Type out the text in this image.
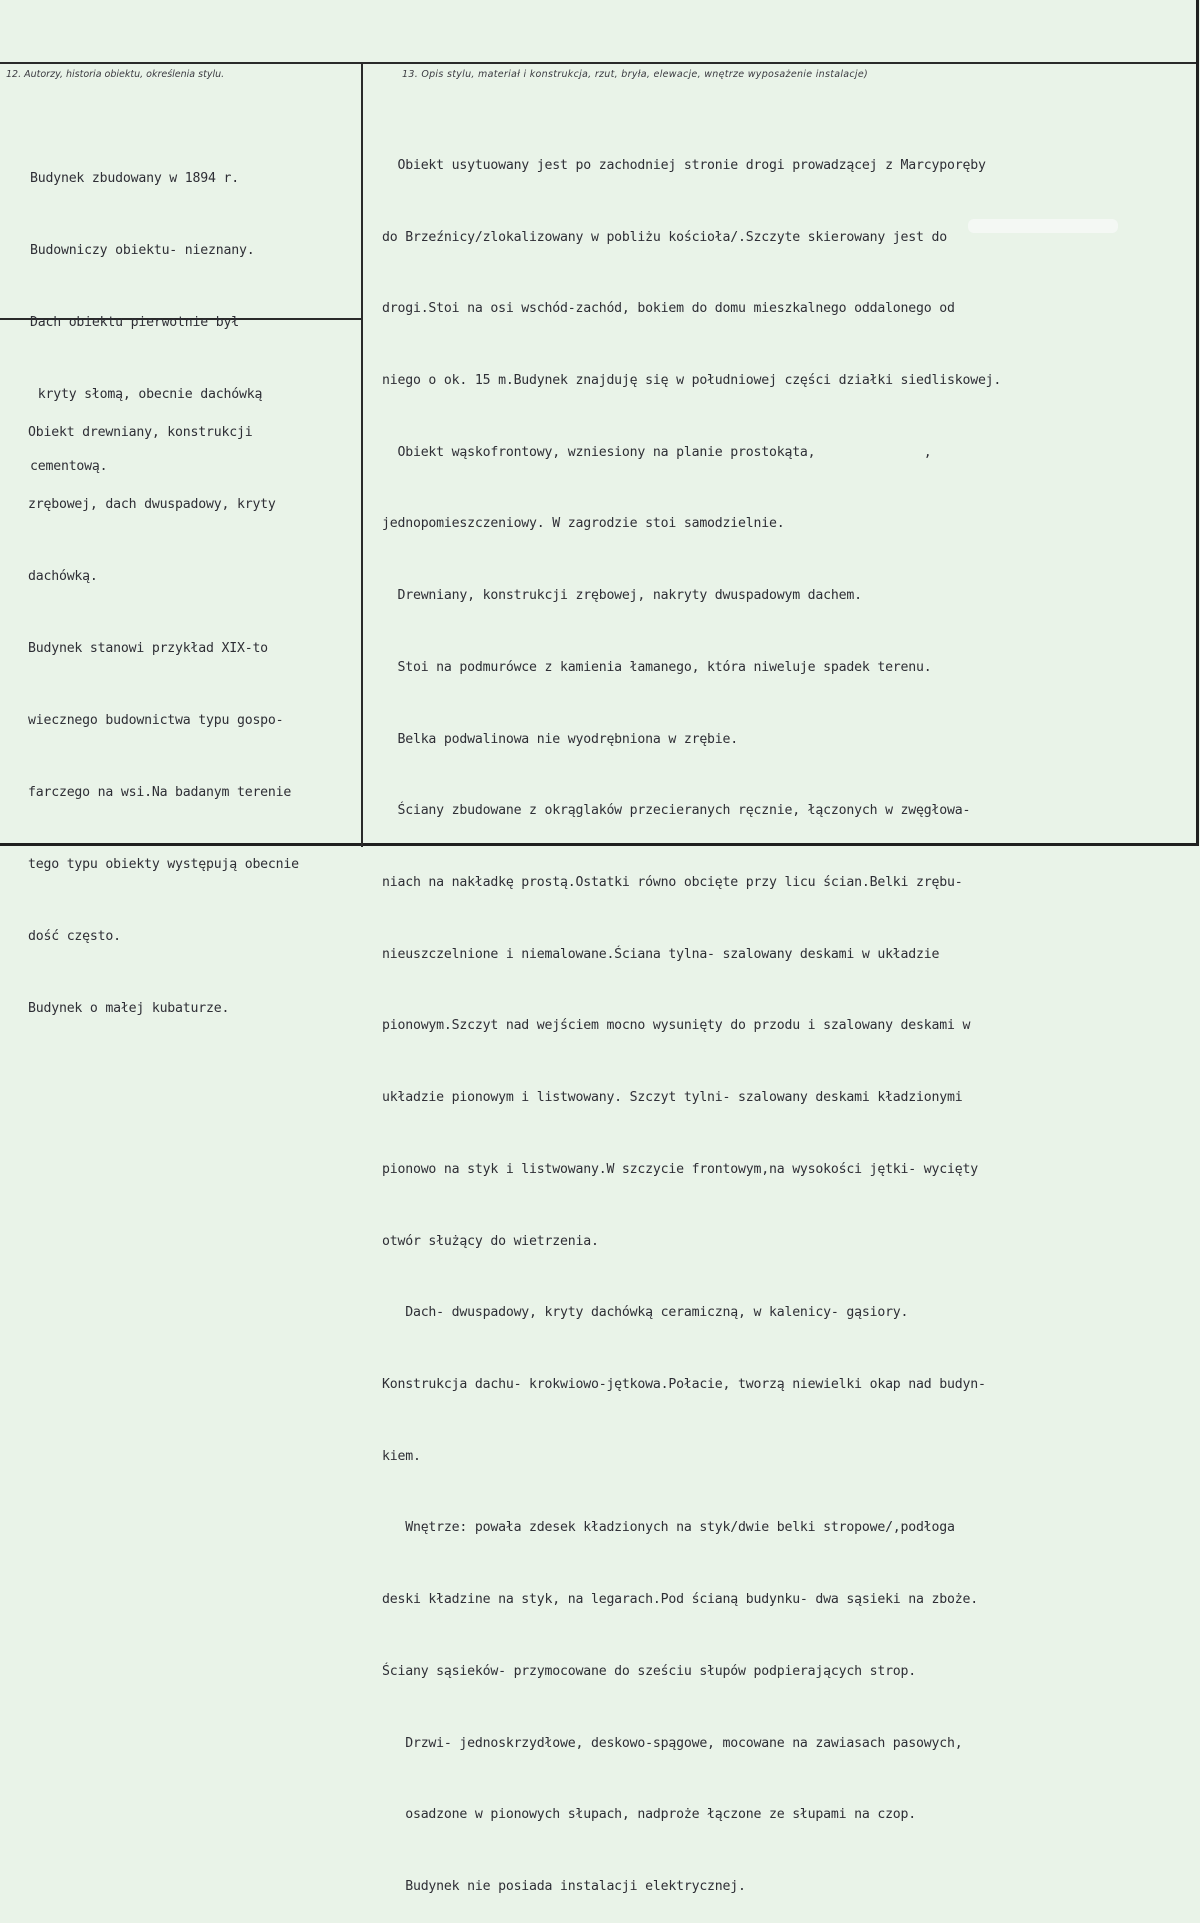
12. Autorzy, historia obiektu, określenia stylu.	13. Opis stylu, materiał i konstrukcja, rzut, bryła, elewacje, wnętrze wyposażenie instalacje)

Budynek zbudowany w 1894 r.

Budowniczy obiektu- nieznany.

Dach obiektu pierwotnie był

kryty słomą, obecnie dachówką

cementową.

Obiekt drewniany, konstrukcji

zrębowej, dach dwuspadowy, kryty

dachówką.

Budynek stanowi przykład XIX-to

wiecznego budownictwa typu gospo-

farczego na wsi.Na badanym terenie

tego typu obiekty występują obecnie

dość często.

Budynek o małej kubaturze.

Obiekt usytuowany jest po zachodniej stronie drogi prowadzącej z Marcyporęby

do Brzeźnicy/zlokalizowany w pobliżu kościoła/.Szczyte skierowany jest do

drogi.Stoi na osi wschód-zachód, bokiem do domu mieszkalnego oddalonego od

niego o ok. 15 m.Budynek znajduję się w południowej części działki siedliskowej.

Obiekt wąskofrontowy, wzniesiony na planie prostokąta,              ,

jednopomieszczeniowy. W zagrodzie stoi samodzielnie.

Drewniany, konstrukcji zrębowej, nakryty dwuspadowym dachem.

Stoi na podmurówce z kamienia łamanego, która niweluje spadek terenu.

Belka podwalinowa nie wyodrębniona w zrębie.

Ściany zbudowane z okrąglaków przecieranych ręcznie, łączonych w zwęgłowa-

niach na nakładkę prostą.Ostatki równo obcięte przy licu ścian.Belki zrębu-

nieuszczelnione i niemalowane.Ściana tylna- szalowany deskami w układzie

pionowym.Szczyt nad wejściem mocno wysunięty do przodu i szalowany deskami w

układzie pionowym i listwowany. Szczyt tylni- szalowany deskami kładzionymi

pionowo na styk i listwowany.W szczycie frontowym,na wysokości jętki- wycięty

otwór służący do wietrzenia.

Dach- dwuspadowy, kryty dachówką ceramiczną, w kalenicy- gąsiory.

Konstrukcja dachu- krokwiowo-jętkowa.Połacie, tworzą niewielki okap nad budyn-

kiem.

Wnętrze: powała zdesek kładzionych na styk/dwie belki stropowe/,podłoga

deski kładzine na styk, na legarach.Pod ścianą budynku- dwa sąsieki na zboże.

Ściany sąsieków- przymocowane do sześciu słupów podpierających strop.

Drzwi- jednoskrzydłowe, deskowo-spągowe, mocowane na zawiasach pasowych,

osadzone w pionowych słupach, nadproże łączone ze słupami na czop.

Budynek nie posiada instalacji elektrycznej.
